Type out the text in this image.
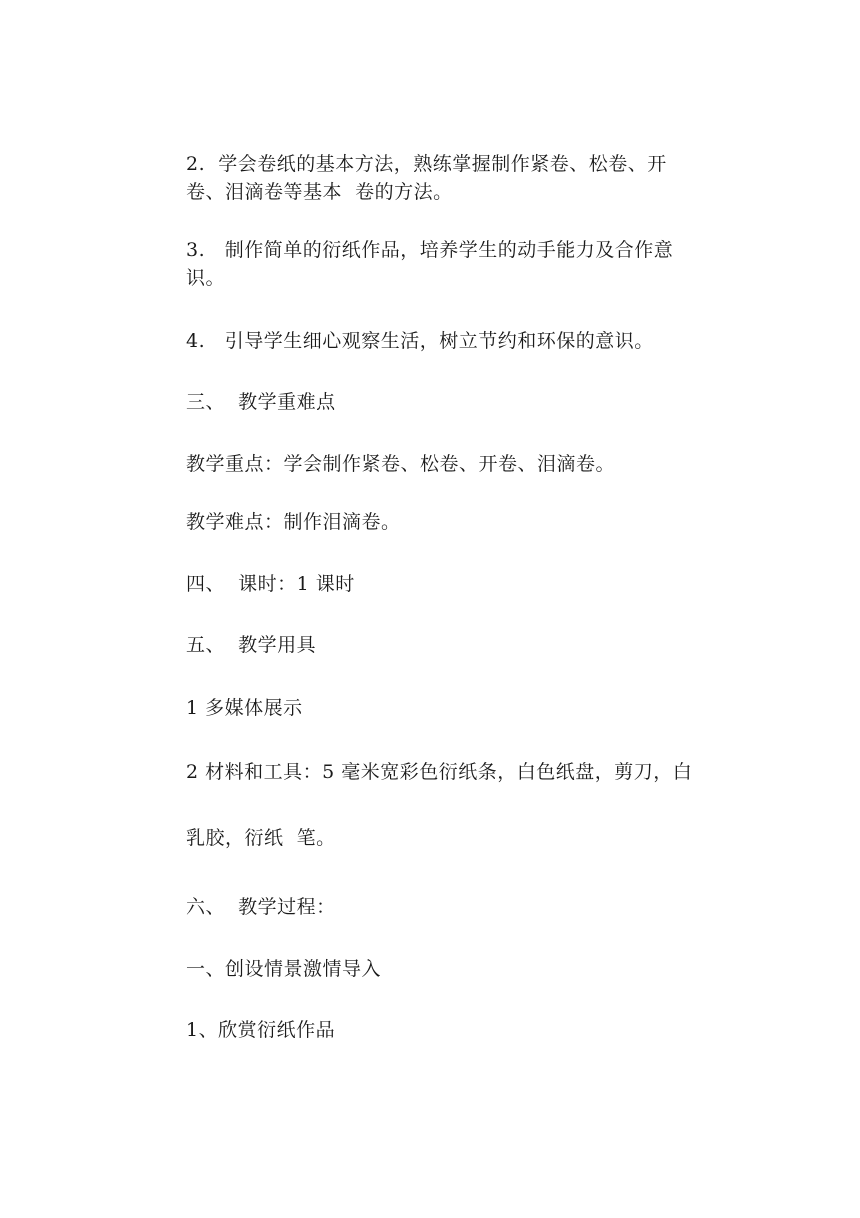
2.  学会卷纸的基本方法，熟练掌握制作紧卷、松卷、开
卷、泪滴卷等基本  卷的方法。
3.   制作简单的衍纸作品，培养学生的动手能力及合作意
识。
4.   引导学生细心观察生活，树立节约和环保的意识。
三、  教学重难点
教学重点：学会制作紧卷、松卷、开卷、泪滴卷。
教学难点：制作泪滴卷。
四、  课时：1 课时
五、  教学用具
1 多媒体展示
2 材料和工具：5 毫米宽彩色衍纸条，白色纸盘，剪刀，白
乳胶，衍纸  笔。
六、  教学过程：
一、创设情景激情导入
1、欣赏衍纸作品
